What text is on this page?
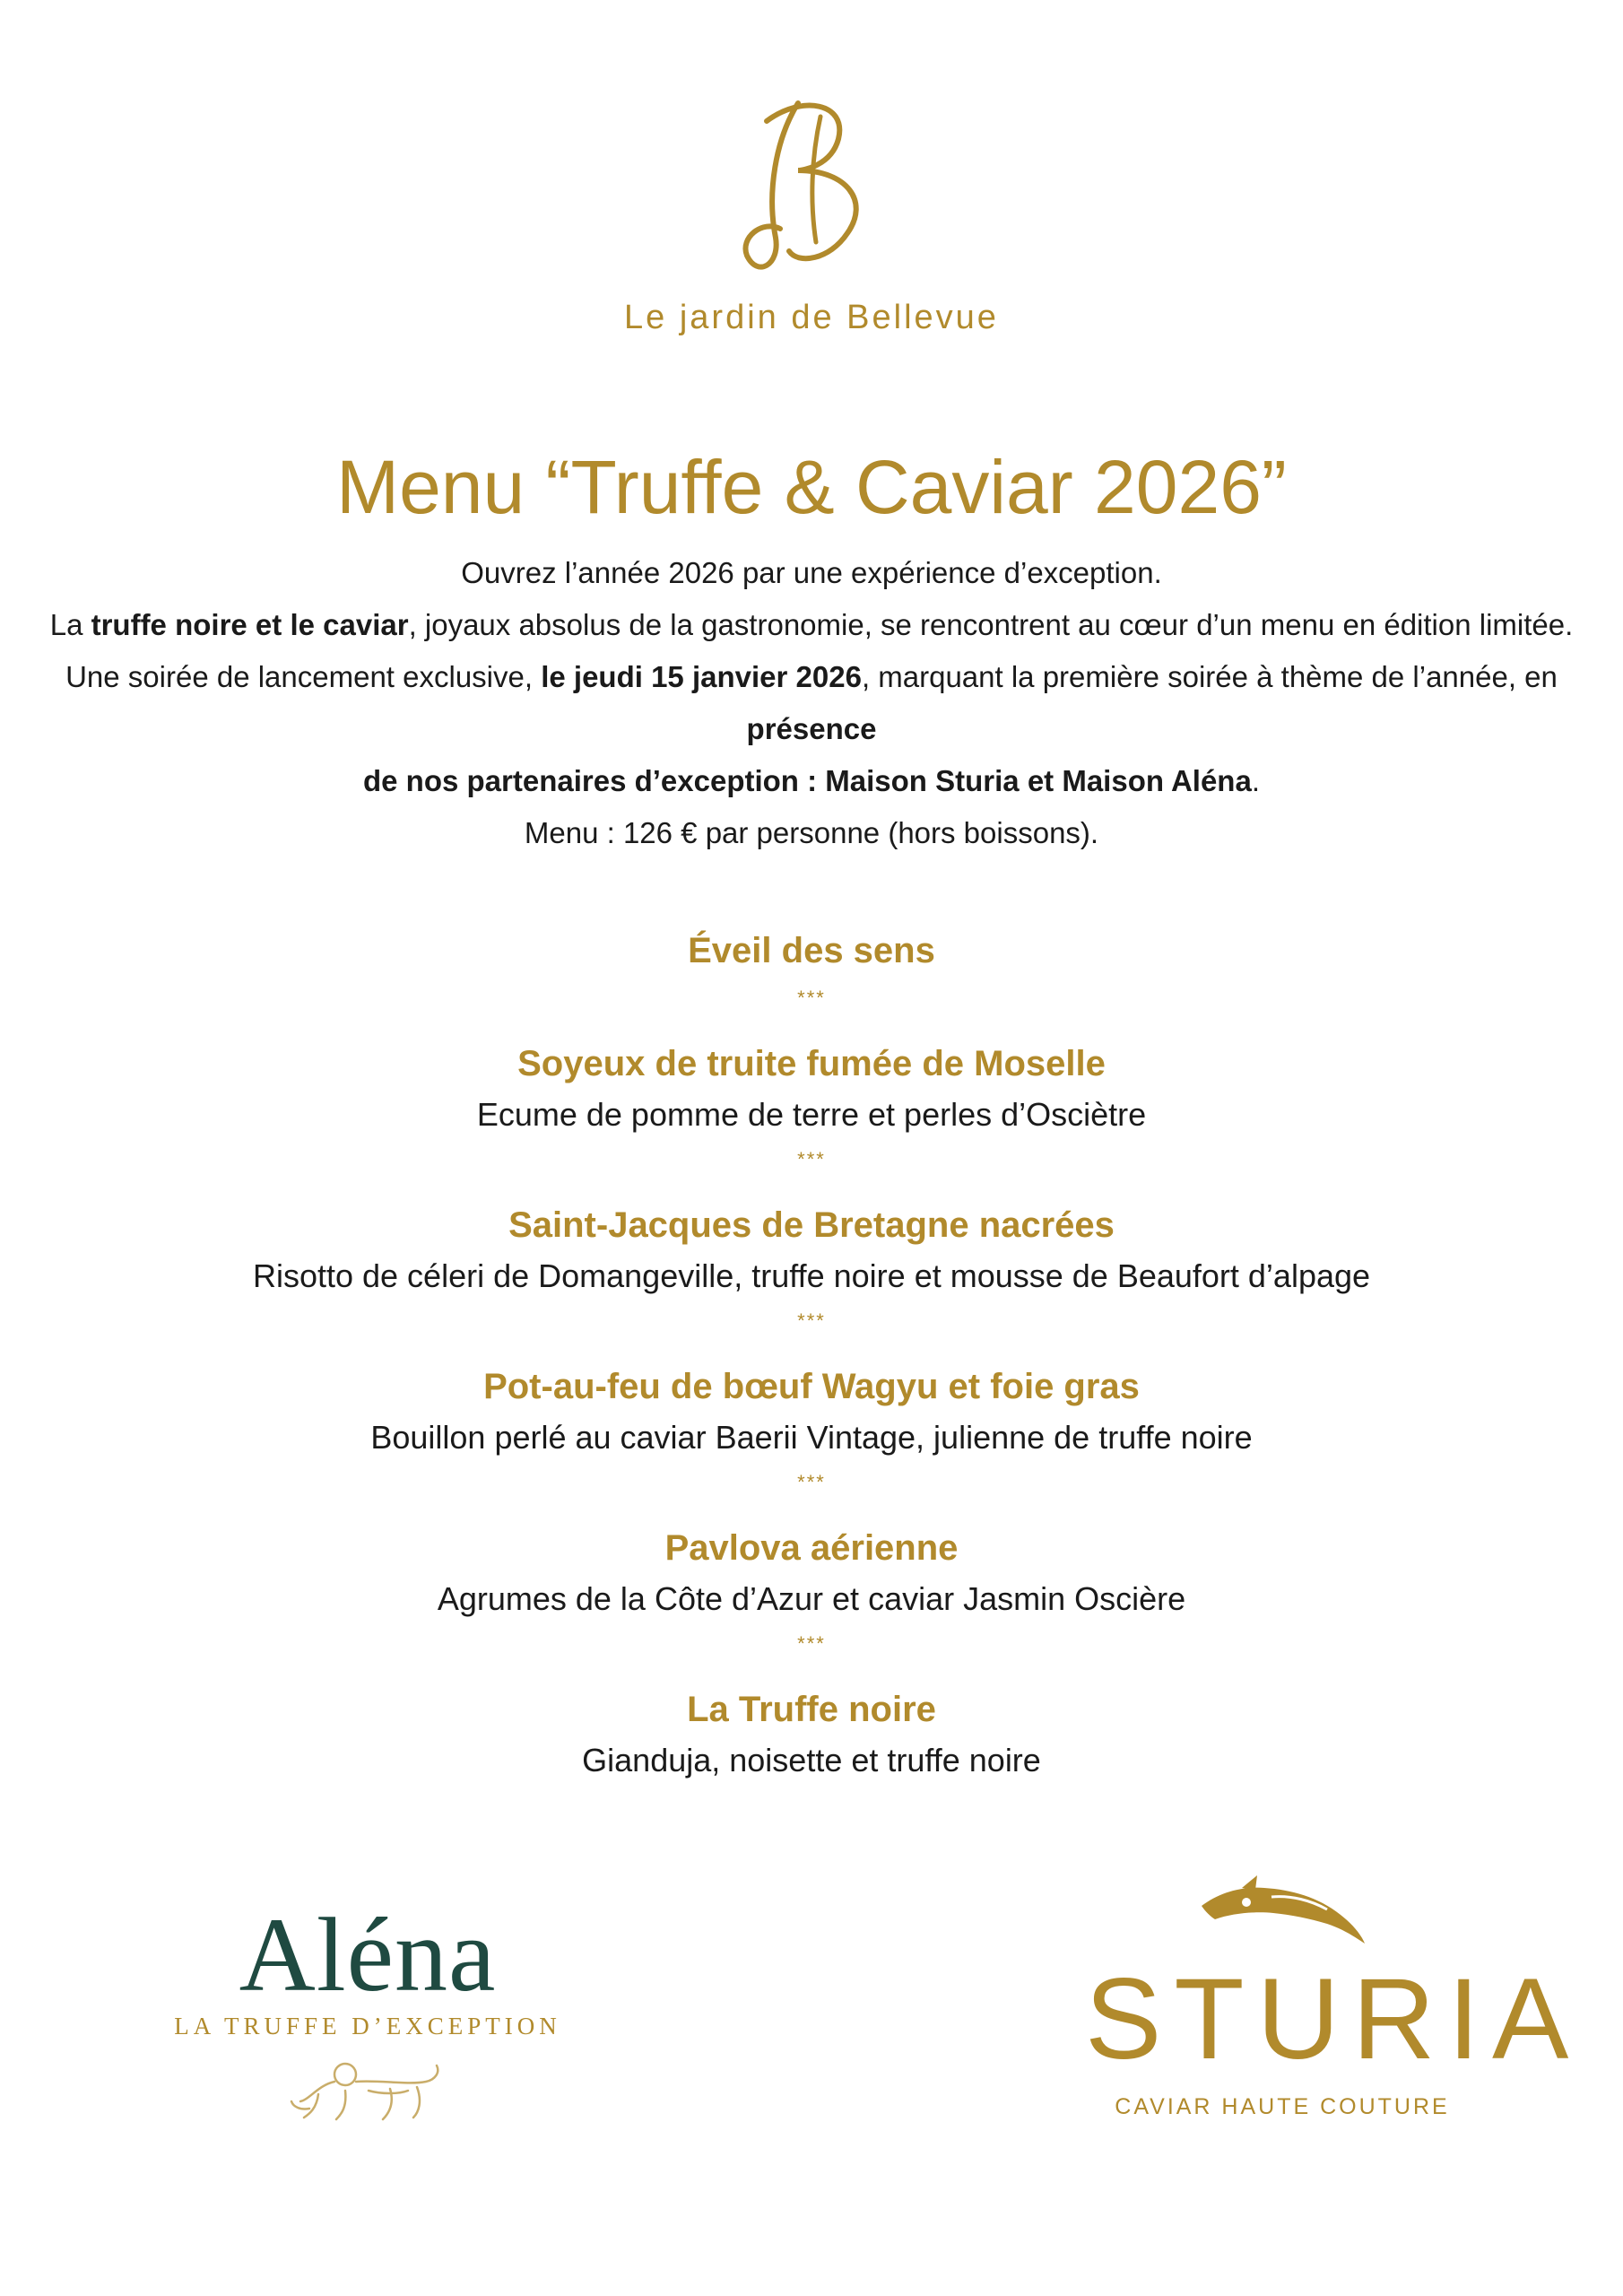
Le jardin de Bellevue
Menu “Truffe & Caviar 2026”

Ouvrez l’année 2026 par une expérience d’exception.

La truffe noire et le caviar, joyaux absolus de la gastronomie, se rencontrent au cœur d’un menu en édition limitée.

Une soirée de lancement exclusive, le jeudi 15 janvier 2026, marquant la première soirée à thème de l’année, en présence

de nos partenaires d’exception : Maison Sturia et Maison Aléna.

Menu : 126 € par personne (hors boissons).

Éveil des sens
***
Soyeux de truite fumée de Moselle
Ecume de pomme de terre et perles d’Osciètre
***
Saint-Jacques de Bretagne nacrées
Risotto de céleri de Domangeville, truffe noire et mousse de Beaufort d’alpage
***
Pot-au-feu de bœuf Wagyu et foie gras
Bouillon perlé au caviar Baerii Vintage, julienne de truffe noire
***
Pavlova aérienne
Agrumes de la Côte d’Azur et caviar Jasmin Oscière
***
La Truffe noire
Gianduja, noisette et truffe noire
Aléna
LA TRUFFE D’EXCEPTION	STURIA
CAVIAR HAUTE COUTURE
